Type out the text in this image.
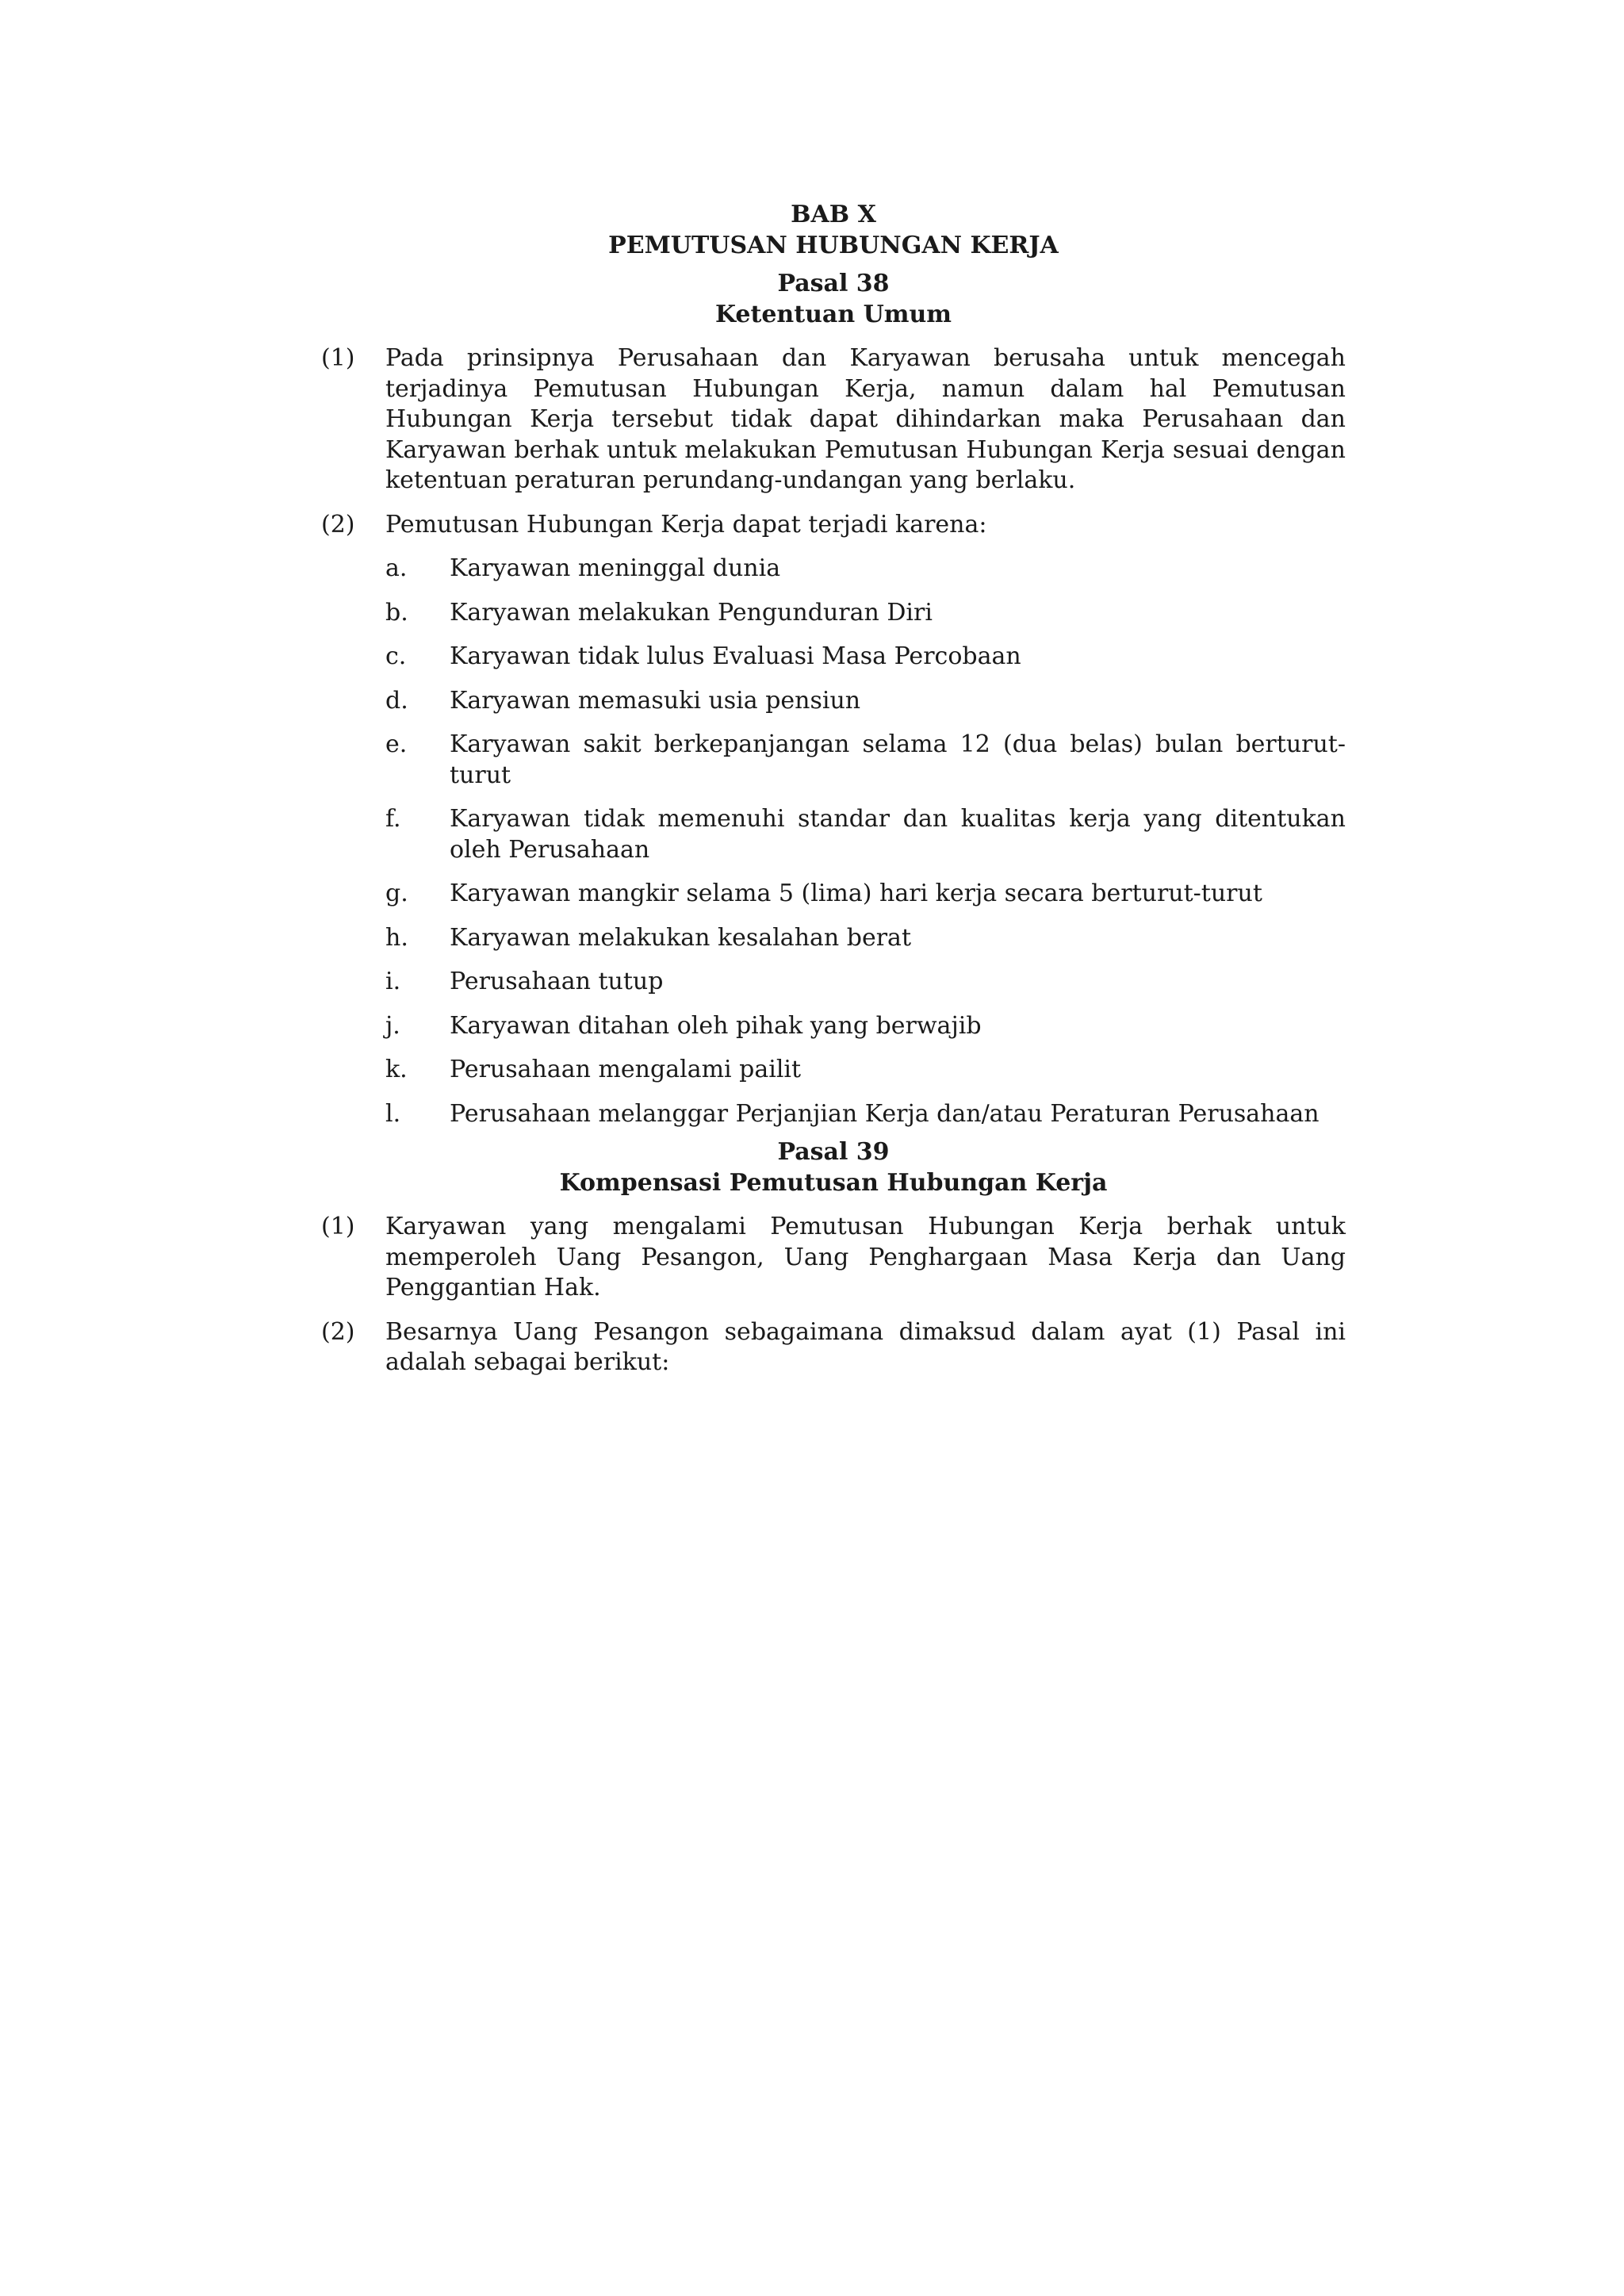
BAB X
PEMUTUSAN HUBUNGAN KERJA
Pasal 38
Ketentuan Umum
(1)	Pada prinsipnya Perusahaan dan Karyawan berusaha untuk mencegah terjadinya Pemutusan Hubungan Kerja, namun dalam hal Pemutusan Hubungan Kerja tersebut tidak dapat dihindarkan maka Perusahaan dan Karyawan berhak untuk melakukan Pemutusan Hubungan Kerja sesuai dengan ketentuan peraturan perundang-undangan yang berlaku.
(2)	Pemutusan Hubungan Kerja dapat terjadi karena:
a.	Karyawan meninggal dunia
b.	Karyawan melakukan Pengunduran Diri
c.	Karyawan tidak lulus Evaluasi Masa Percobaan
d.	Karyawan memasuki usia pensiun
e.	Karyawan sakit berkepanjangan selama 12 (dua belas) bulan berturut-turut
f.	Karyawan tidak memenuhi standar dan kualitas kerja yang ditentukan oleh Perusahaan
g.	Karyawan mangkir selama 5 (lima) hari kerja secara berturut-turut
h.	Karyawan melakukan kesalahan berat
i.	Perusahaan tutup
j.	Karyawan ditahan oleh pihak yang berwajib
k.	Perusahaan mengalami pailit
l.	Perusahaan melanggar Perjanjian Kerja dan/atau Peraturan Perusahaan
Pasal 39
Kompensasi Pemutusan Hubungan Kerja
(1)	Karyawan yang mengalami Pemutusan Hubungan Kerja berhak untuk memperoleh Uang Pesangon, Uang Penghargaan Masa Kerja dan Uang Penggantian Hak.
(2)	Besarnya Uang Pesangon sebagaimana dimaksud dalam ayat (1) Pasal ini adalah sebagai berikut:
